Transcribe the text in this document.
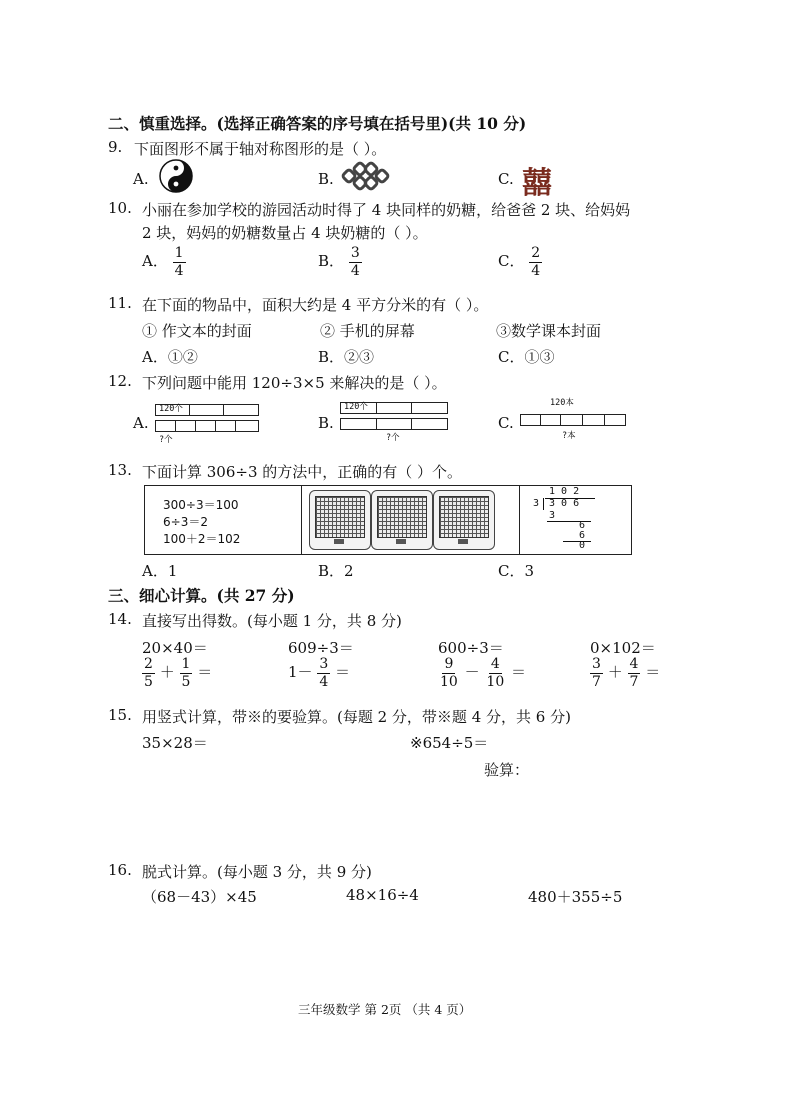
二、慎重选择。(选择正确答案的序号填在括号里)(共 10 分)
9. 下面图形不属于轴对称图形的是（ ）。
A.	B.	C. 囍
10. 小丽在参加学校的游园活动时得了 4 块同样的奶糖，给爸爸 2 块、给妈妈
2 块，妈妈的奶糖数量占 4 块奶糖的（ ）。
A． $\frac{1}{4}$	B． $\frac{3}{4}$	C． $\frac{2}{4}$
11. 在下面的物品中，面积大约是 4 平方分米的有（ ）。
① 作文本的封面	② 手机的屏幕	③数学课本封面
A．①②	B．②③	C．①③
12. 下列问题中能用 120÷3×5 来解决的是（ ）。
A.
120个
?个
B.
120个
?个
C.
120本
?本
13. 下面计算 306÷3 的方法中，正确的有（ ）个。
300÷3＝100
6÷3＝2
100＋2＝102
1 0 2
3 3 0 6
3
6
6
0
A．1	B．2	C．3
三、细心计算。(共 27 分)
14. 直接写出得数。(每小题 1 分，共 8 分)
20×40＝	609÷3＝	600÷3＝	0×102＝
$\frac{2}{5} + \frac{1}{5}$ ＝	$1- \frac{3}{4}$ ＝	$\frac{9}{10} - \frac{4}{10}$ ＝	$\frac{3}{7} + \frac{4}{7}$ ＝
15. 用竖式计算，带※的要验算。(每题 2 分，带※题 4 分，共 6 分)
35×28＝	※654÷5＝
验算：
16. 脱式计算。(每小题 3 分，共 9 分)
（68－43）×45	48×16÷4	480＋355÷5
三年级数学 第 2页 （共 4 页）
